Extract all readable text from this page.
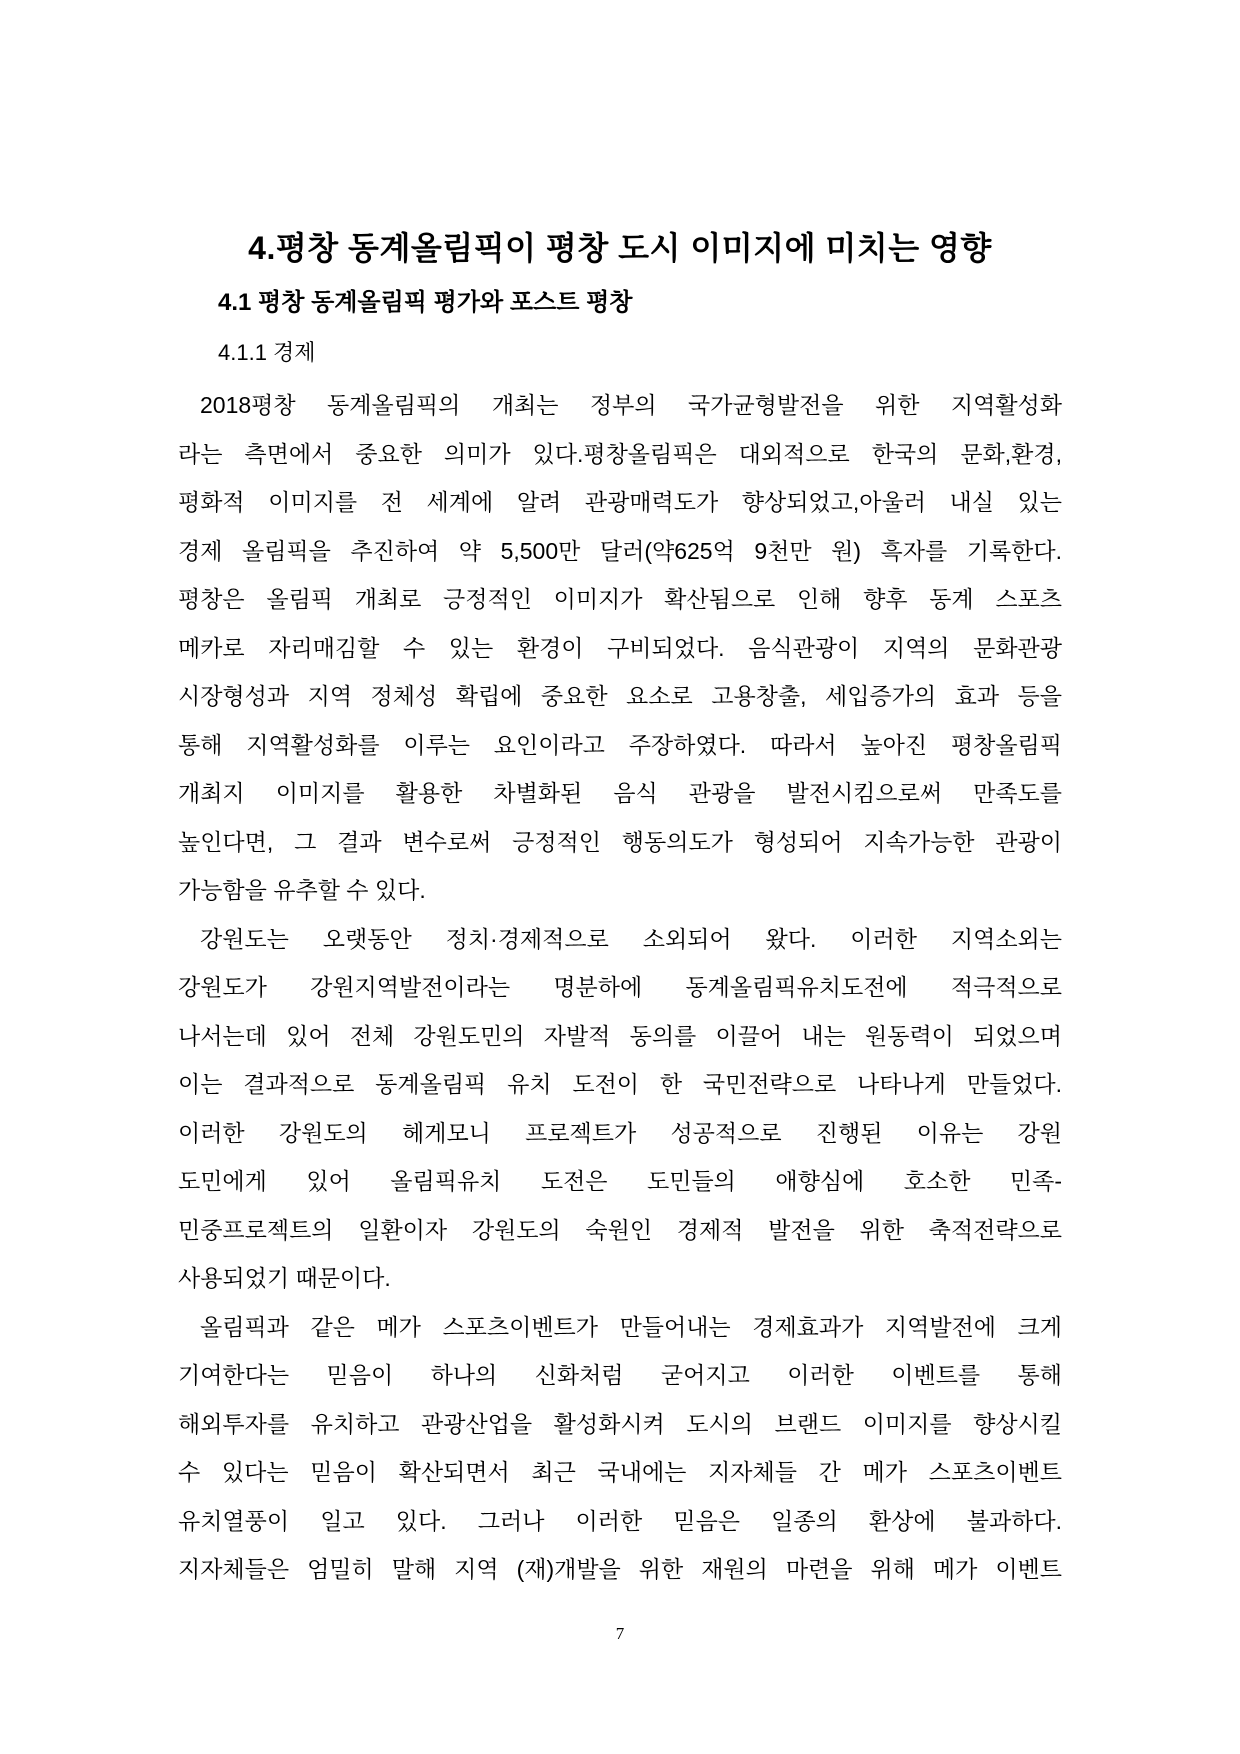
4.평창 동계올림픽이 평창 도시 이미지에 미치는 영향
4.1 평창 동계올림픽 평가와 포스트 평창
4.1.1 경제
2018평창 동계올림픽의 개최는 정부의 국가균형발전을 위한 지역활성화
라는 측면에서 중요한 의미가 있다.평창올림픽은 대외적으로 한국의 문화,환경,
평화적 이미지를 전 세계에 알려 관광매력도가 향상되었고,아울러 내실 있는
경제 올림픽을 추진하여 약 5,500만 달러(약625억 9천만 원) 흑자를 기록한다.
평창은 올림픽 개최로 긍정적인 이미지가 확산됨으로 인해 향후 동계 스포츠
메카로 자리매김할 수 있는 환경이 구비되었다. 음식관광이 지역의 문화관광
시장형성과 지역 정체성 확립에 중요한 요소로 고용창출, 세입증가의 효과 등을
통해 지역활성화를 이루는 요인이라고 주장하였다. 따라서 높아진 평창올림픽
개최지 이미지를 활용한 차별화된 음식 관광을 발전시킴으로써 만족도를
높인다면, 그 결과 변수로써 긍정적인 행동의도가 형성되어 지속가능한 관광이
가능함을 유추할 수 있다.
강원도는 오랫동안 정치·경제적으로 소외되어 왔다. 이러한 지역소외는
강원도가 강원지역발전이라는 명분하에 동계올림픽유치도전에 적극적으로
나서는데 있어 전체 강원도민의 자발적 동의를 이끌어 내는 원동력이 되었으며
이는 결과적으로 동계올림픽 유치 도전이 한 국민전략으로 나타나게 만들었다.
이러한 강원도의 헤게모니 프로젝트가 성공적으로 진행된 이유는 강원
도민에게 있어 올림픽유치 도전은 도민들의 애향심에 호소한 민족-
민중프로젝트의 일환이자 강원도의 숙원인 경제적 발전을 위한 축적전략으로
사용되었기 때문이다.
올림픽과 같은 메가 스포츠이벤트가 만들어내는 경제효과가 지역발전에 크게
기여한다는 믿음이 하나의 신화처럼 굳어지고 이러한 이벤트를 통해
해외투자를 유치하고 관광산업을 활성화시켜 도시의 브랜드 이미지를 향상시킬
수 있다는 믿음이 확산되면서 최근 국내에는 지자체들 간 메가 스포츠이벤트
유치열풍이 일고 있다. 그러나 이러한 믿음은 일종의 환상에 불과하다.
지자체들은 엄밀히 말해 지역 (재)개발을 위한 재원의 마련을 위해 메가 이벤트
7
